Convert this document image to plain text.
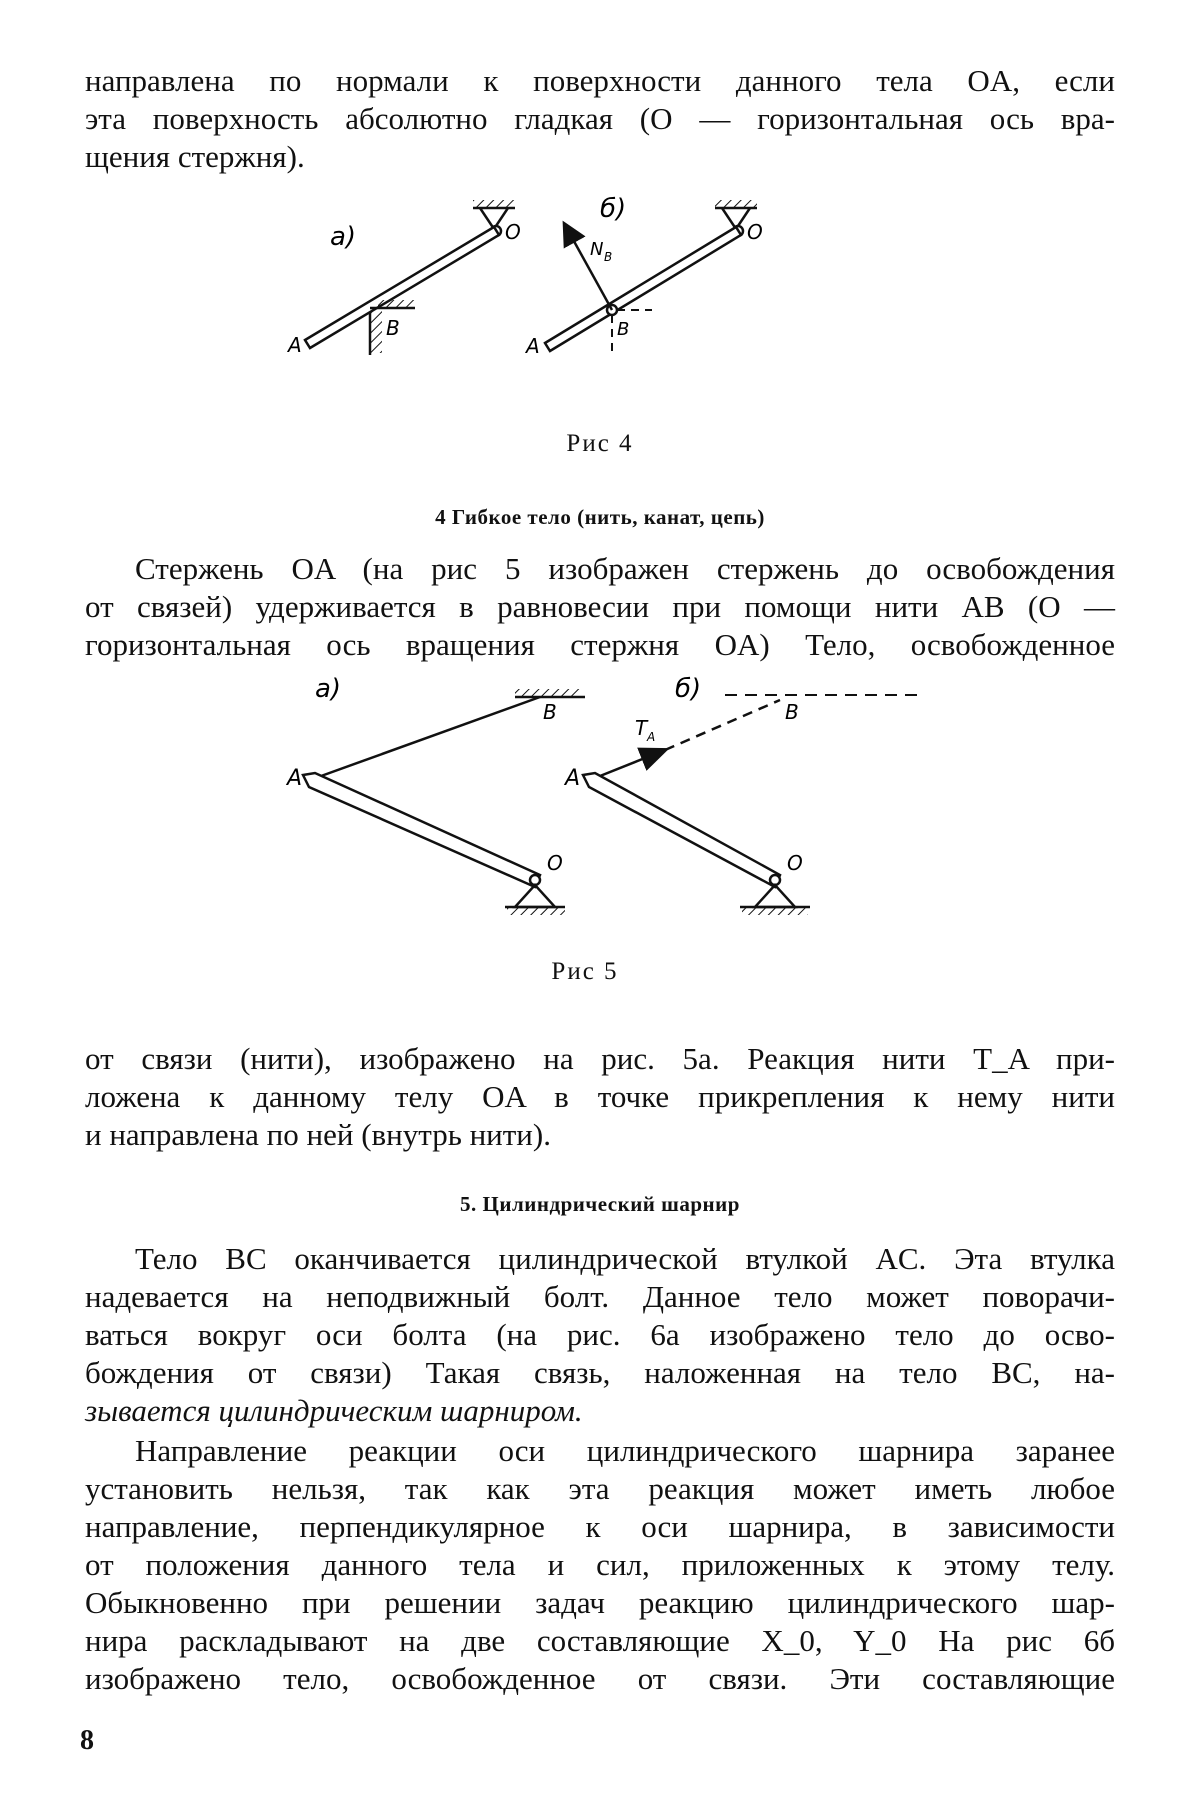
направлена по нормали к поверхности данного тела OA, если
эта поверхность абсолютно гладкая (O — горизонтальная ось вра-
щения стержня).
а)
A
B
O
б)
N B
A
B
O
Рис 4
4 Гибкое тело (нить, канат, цепь)
Стержень OA (на рис 5 изображен стержень до освобождения
от связей) удерживается в равновесии при помощи нити AB (O —
горизонтальная ось вращения стержня OA) Тело, освобожденное
а)
A
B
O
б)
T A
A
B
O
Рис 5
от связи (нити), изображено на рис. 5а. Реакция нити T_A при-
ложена к данному телу OA в точке прикрепления к нему нити
и направлена по ней (внутрь нити).
5. Цилиндрический шарнир
Тело BC оканчивается цилиндрической втулкой AC. Эта втулка
надевается на неподвижный болт. Данное тело может поворачи-
ваться вокруг оси болта (на рис. 6а изображено тело до осво-
бождения от связи) Такая связь, наложенная на тело BC, на-
зывается цилиндрическим шарниром.
Направление реакции оси цилиндрического шарнира заранее
установить нельзя, так как эта реакция может иметь любое
направление, перпендикулярное к оси шарнира, в зависимости
от положения данного тела и сил, приложенных к этому телу.
Обыкновенно при решении задач реакцию цилиндрического шар-
нира раскладывают на две составляющие X_0, Y_0 На рис 6б
изображено тело, освобожденное от связи. Эти составляющие
8
